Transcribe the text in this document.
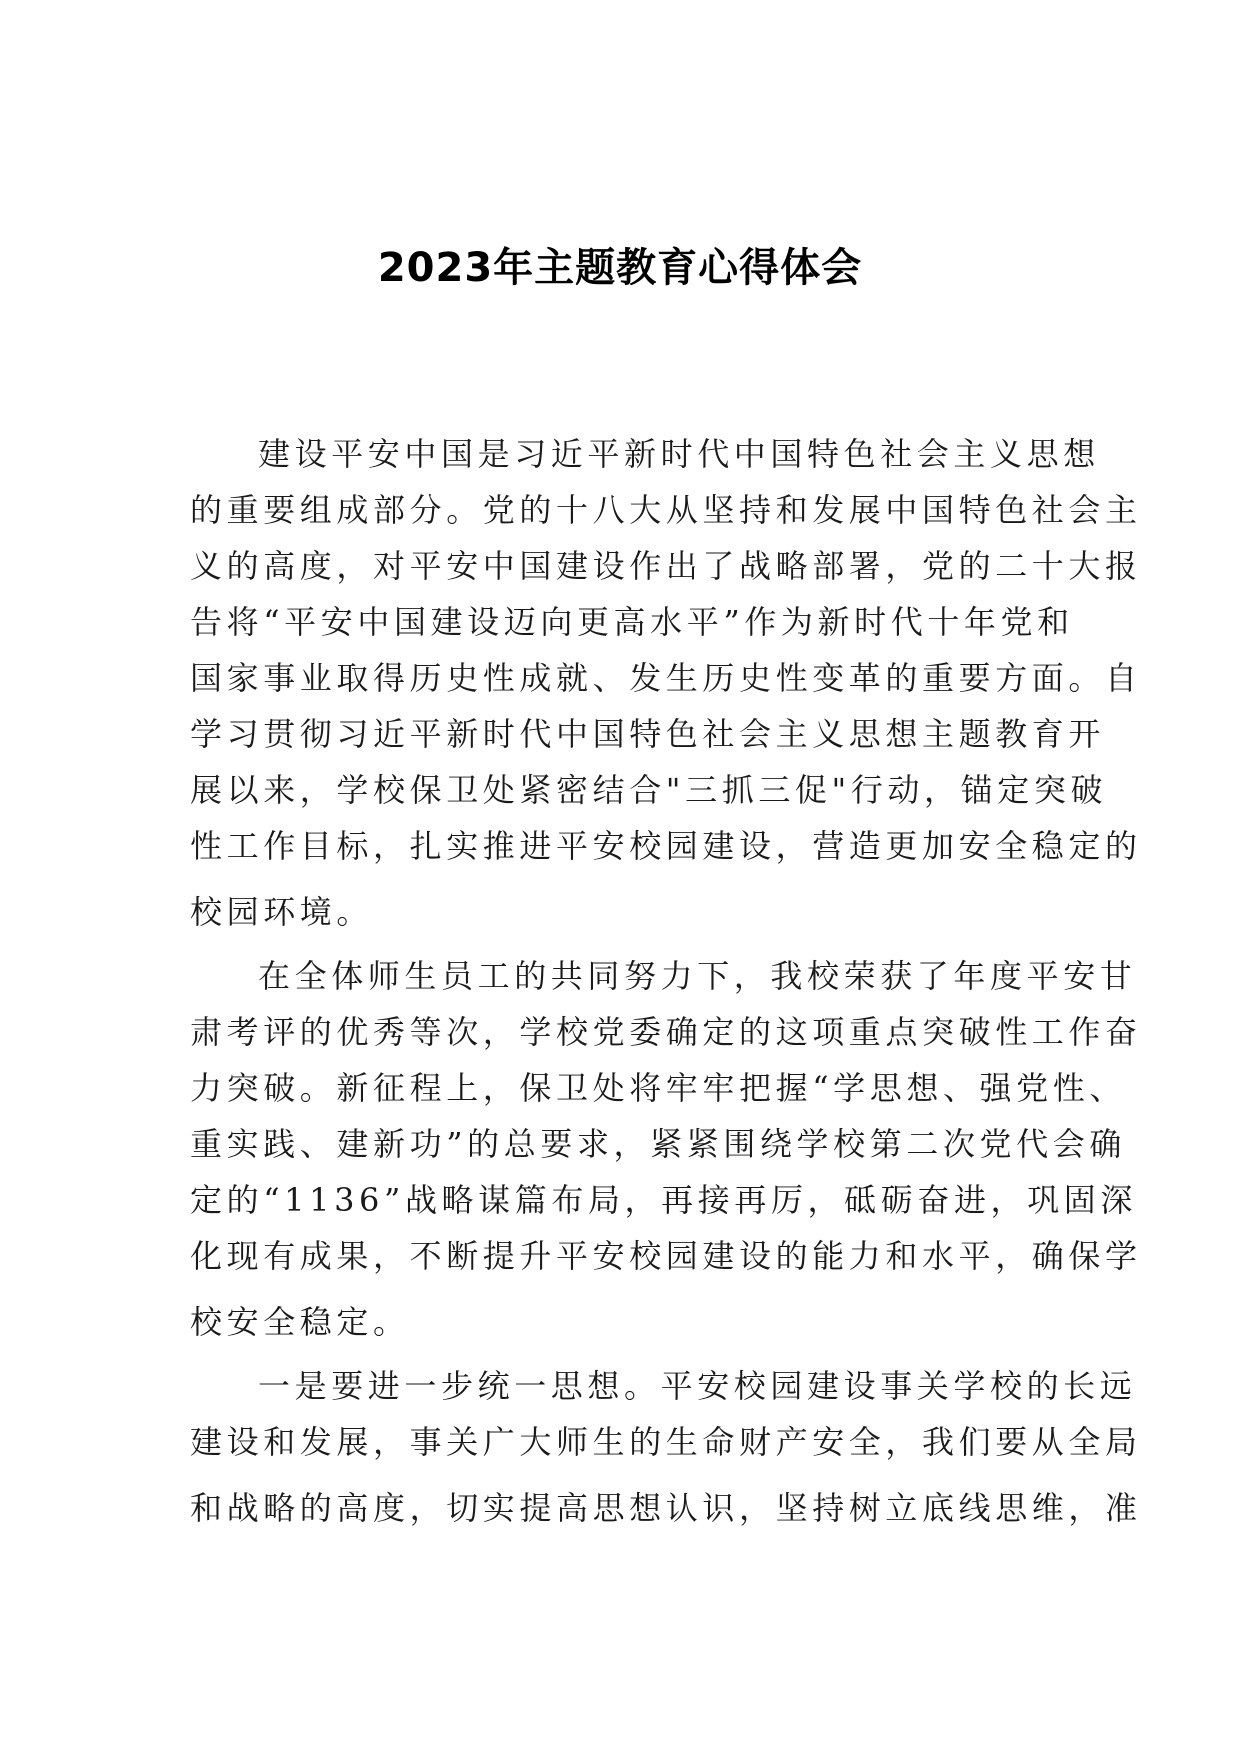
2023年主题教育心得体会
建设平安中国是习近平新时代中国特色社会主义思想
的重要组成部分。党的十八大从坚持和发展中国特色社会主
义的高度，对平安中国建设作出了战略部署，党的二十大报
告将“平安中国建设迈向更高水平”作为新时代十年党和
国家事业取得历史性成就、发生历史性变革的重要方面。自
学习贯彻习近平新时代中国特色社会主义思想主题教育开
展以来，学校保卫处紧密结合"三抓三促"行动，锚定突破
性工作目标，扎实推进平安校园建设，营造更加安全稳定的
校园环境。
在全体师生员工的共同努力下，我校荣获了年度平安甘
肃考评的优秀等次，学校党委确定的这项重点突破性工作奋
力突破。新征程上，保卫处将牢牢把握“学思想、强党性、
重实践、建新功”的总要求，紧紧围绕学校第二次党代会确
定的“1136”战略谋篇布局，再接再厉，砥砺奋进，巩固深
化现有成果，不断提升平安校园建设的能力和水平，确保学
校安全稳定。
一是要进一步统一思想。平安校园建设事关学校的长远
建设和发展，事关广大师生的生命财产安全，我们要从全局
和战略的高度，切实提高思想认识，坚持树立底线思维，准
